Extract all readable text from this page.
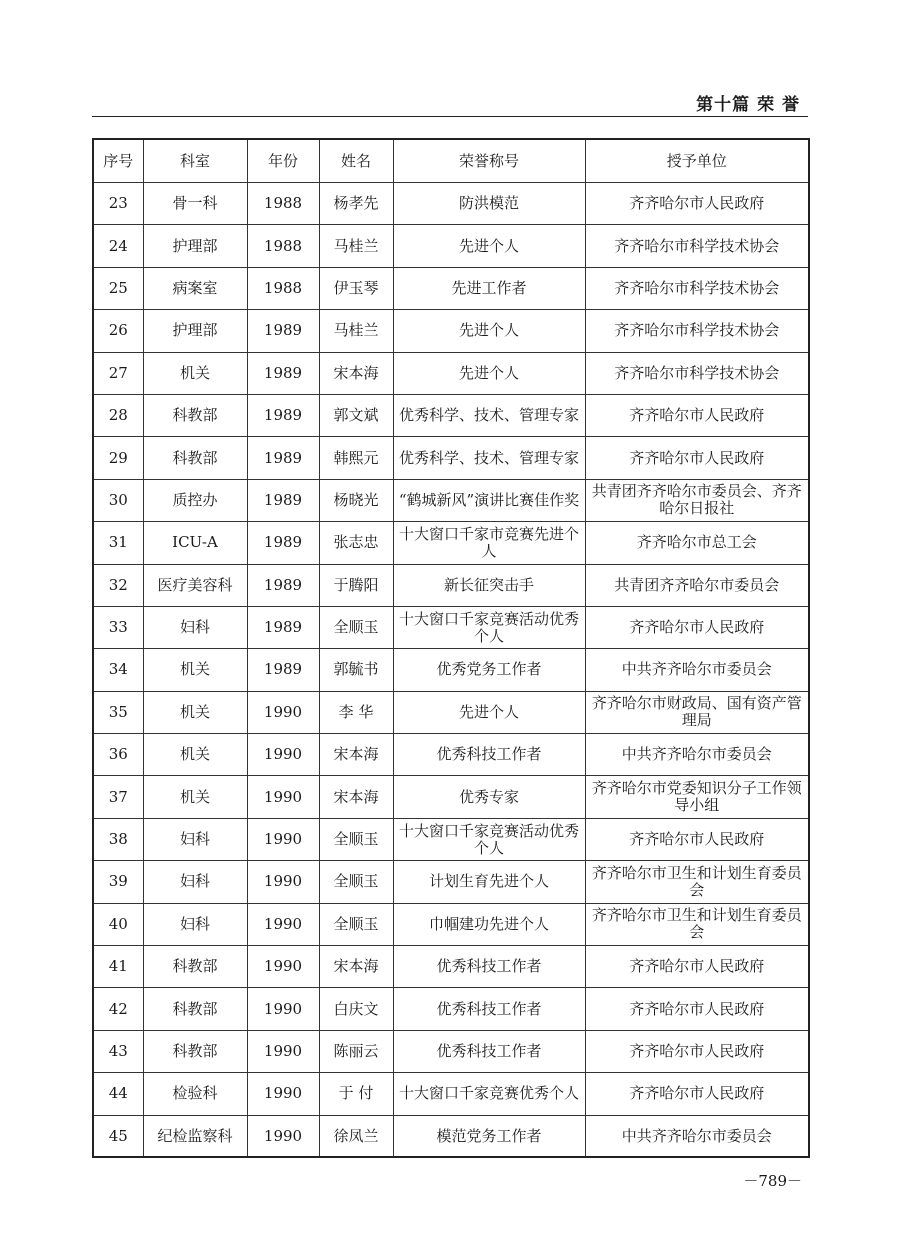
第十篇 荣 誉
序号	科室	年份	姓名	荣誉称号	授予单位
23	骨一科	1988	杨孝先	防洪模范	齐齐哈尔市人民政府
24	护理部	1988	马桂兰	先进个人	齐齐哈尔市科学技术协会
25	病案室	1988	伊玉琴	先进工作者	齐齐哈尔市科学技术协会
26	护理部	1989	马桂兰	先进个人	齐齐哈尔市科学技术协会
27	机关	1989	宋本海	先进个人	齐齐哈尔市科学技术协会
28	科教部	1989	郭文斌	优秀科学、技术、管理专家	齐齐哈尔市人民政府
29	科教部	1989	韩熙元	优秀科学、技术、管理专家	齐齐哈尔市人民政府
30	质控办	1989	杨晓光	“鹤城新风”演讲比赛佳作奖	共青团齐齐哈尔市委员会、齐齐哈尔日报社
31	ICU-A	1989	张志忠	十大窗口千家市竞赛先进个人	齐齐哈尔市总工会
32	医疗美容科	1989	于腾阳	新长征突击手	共青团齐齐哈尔市委员会
33	妇科	1989	全顺玉	十大窗口千家竞赛活动优秀个人	齐齐哈尔市人民政府
34	机关	1989	郭毓书	优秀党务工作者	中共齐齐哈尔市委员会
35	机关	1990	李 华	先进个人	齐齐哈尔市财政局、国有资产管理局
36	机关	1990	宋本海	优秀科技工作者	中共齐齐哈尔市委员会
37	机关	1990	宋本海	优秀专家	齐齐哈尔市党委知识分子工作领导小组
38	妇科	1990	全顺玉	十大窗口千家竞赛活动优秀个人	齐齐哈尔市人民政府
39	妇科	1990	全顺玉	计划生育先进个人	齐齐哈尔市卫生和计划生育委员会
40	妇科	1990	全顺玉	巾帼建功先进个人	齐齐哈尔市卫生和计划生育委员会
41	科教部	1990	宋本海	优秀科技工作者	齐齐哈尔市人民政府
42	科教部	1990	白庆文	优秀科技工作者	齐齐哈尔市人民政府
43	科教部	1990	陈丽云	优秀科技工作者	齐齐哈尔市人民政府
44	检验科	1990	于 付	十大窗口千家竞赛优秀个人	齐齐哈尔市人民政府
45	纪检监察科	1990	徐凤兰	模范党务工作者	中共齐齐哈尔市委员会
－789－
